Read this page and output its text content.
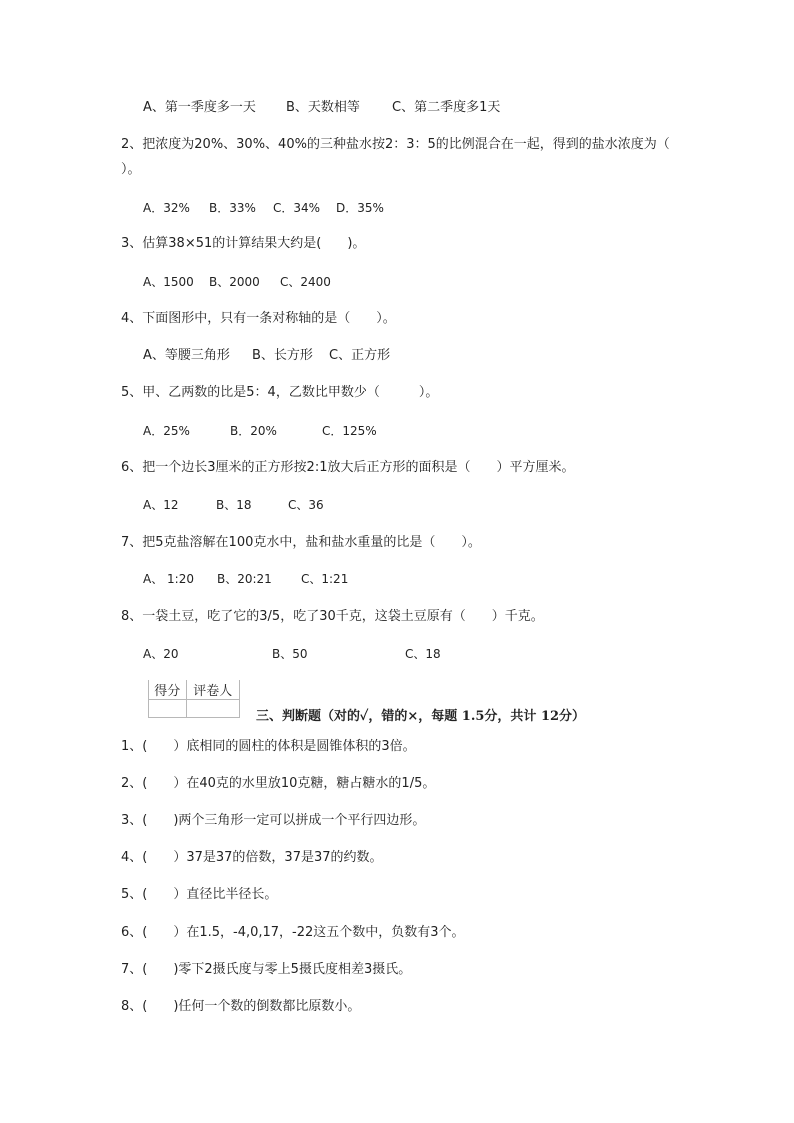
A、第一季度多一天 B、天数相等 C、第二季度多1天
2、把浓度为20%、30%、40%的三种盐水按2：3：5的比例混合在一起，得到的盐水浓度为（
）。
A．32% B．33% C．34% D．35%
3、估算38×51的计算结果大约是(　　)。
A、1500 B、2000 C、2400
4、下面图形中，只有一条对称轴的是（　　）。
A、等腰三角形 B、长方形 C、正方形
5、甲、乙两数的比是5：4，乙数比甲数少（　　　）。
A．25%	B．20%	C．125%
6、把一个边长3厘米的正方形按2:1放大后正方形的面积是（　　）平方厘米。
A、12	B、18	C、36
7、把5克盐溶解在100克水中，盐和盐水重量的比是（　　）。
A、 1:20 B、20:21 C、1:21
8、一袋土豆，吃了它的3/5，吃了30千克，这袋土豆原有（　　）千克。
A、20	B、50	C、18
得分	评卷人

三、判断题（对的✓，错的×，每题 1.5分，共计 12分）
1、(　　）底相同的圆柱的体积是圆锥体积的3倍。
2、(　　）在40克的水里放10克糖，糖占糖水的1/5。
3、(　　)两个三角形一定可以拼成一个平行四边形。
4、(　　）37是37的倍数，37是37的约数。
5、(　　）直径比半径长。
6、(　　）在1.5，-4,0,17，-22这五个数中，负数有3个。
7、(　　)零下2摄氏度与零上5摄氏度相差3摄氏。
8、(　　)任何一个数的倒数都比原数小。
